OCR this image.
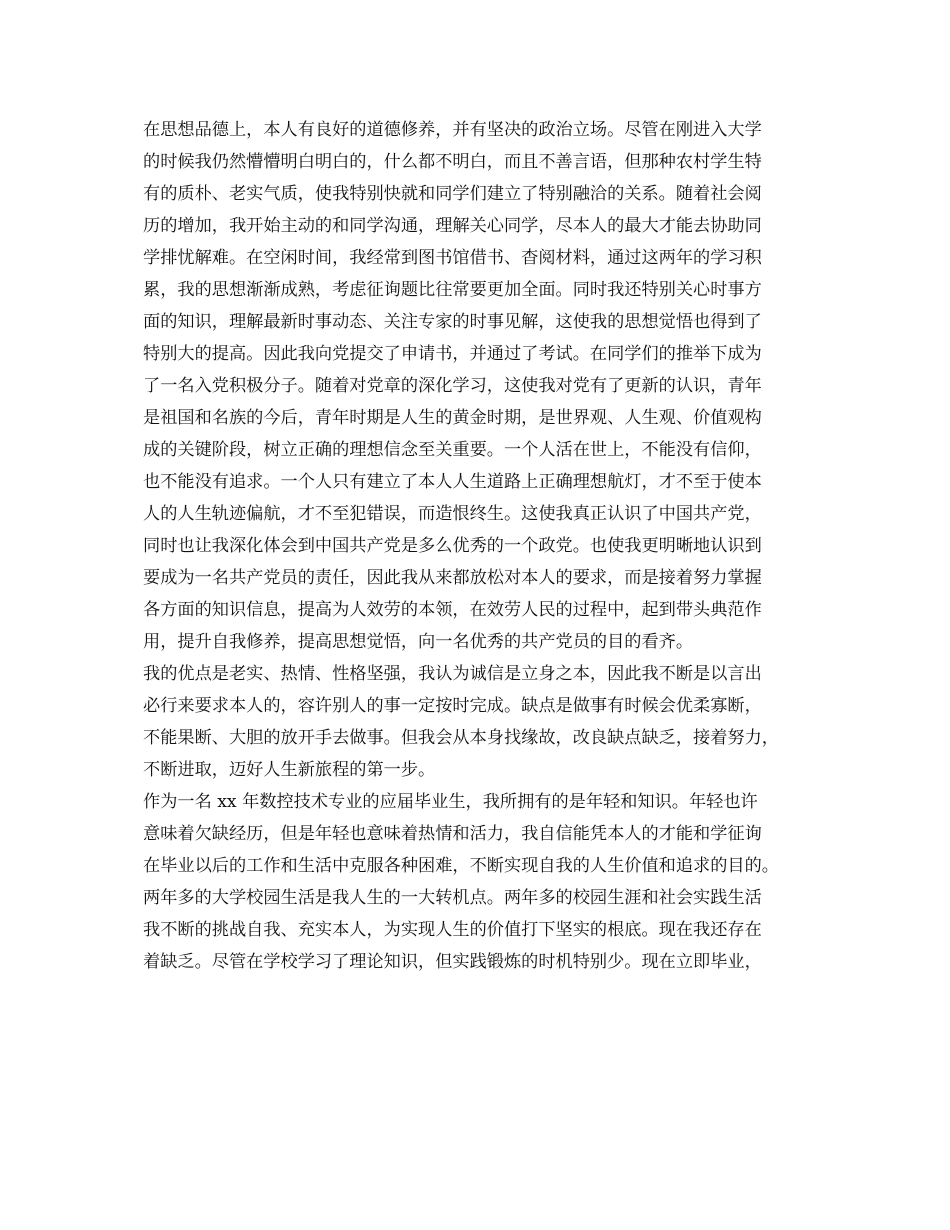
在思想品德上，本人有良好的道德修养，并有坚决的政治立场。尽管在刚进入大学
的时候我仍然懵懵明白明白的，什么都不明白，而且不善言语，但那种农村学生特
有的质朴、老实气质，使我特别快就和同学们建立了特别融洽的关系。随着社会阅
历的增加，我开始主动的和同学沟通，理解关心同学，尽本人的最大才能去协助同
学排忧解难。在空闲时间，我经常到图书馆借书、杳阅材料，通过这两年的学习积
累，我的思想渐渐成熟，考虑征询题比往常要更加全面。同时我还特别关心时事方
面的知识，理解最新时事动态、关注专家的时事见解，这使我的思想觉悟也得到了
特别大的提高。因此我向党提交了申请书，并通过了考试。在同学们的推举下成为
了一名入党积极分子。随着对党章的深化学习，这使我对党有了更新的认识，青年
是祖国和名族的今后，青年时期是人生的黄金时期，是世界观、人生观、价值观构
成的关键阶段，树立正确的理想信念至关重要。一个人活在世上，不能没有信仰，
也不能没有追求。一个人只有建立了本人人生道路上正确理想航灯，才不至于使本
人的人生轨迹偏航，才不至犯错误，而造恨终生。这使我真正认识了中国共产党，
同时也让我深化体会到中国共产党是多么优秀的一个政党。也使我更明晰地认识到
要成为一名共产党员的责任，因此我从来都放松对本人的要求，而是接着努力掌握
各方面的知识信息，提高为人效劳的本领，在效劳人民的过程中，起到带头典范作
用，提升自我修养，提高思想觉悟，向一名优秀的共产党员的目的看齐。
我的优点是老实、热情、性格坚强，我认为诚信是立身之本，因此我不断是以言出
必行来要求本人的，容许别人的事一定按时完成。缺点是做事有时候会优柔寡断，
不能果断、大胆的放开手去做事。但我会从本身找缘故，改良缺点缺乏，接着努力，
不断进取，迈好人生新旅程的第一步。
作为一名 xx 年数控技术专业的应届毕业生，我所拥有的是年轻和知识。年轻也许
意味着欠缺经历，但是年轻也意味着热情和活力，我自信能凭本人的才能和学征询
在毕业以后的工作和生活中克服各种困难，不断实现自我的人生价值和追求的目的。
两年多的大学校园生活是我人生的一大转机点。两年多的校园生涯和社会实践生活
我不断的挑战自我、充实本人，为实现人生的价值打下坚实的根底。现在我还存在
着缺乏。尽管在学校学习了理论知识，但实践锻炼的时机特别少。现在立即毕业，
